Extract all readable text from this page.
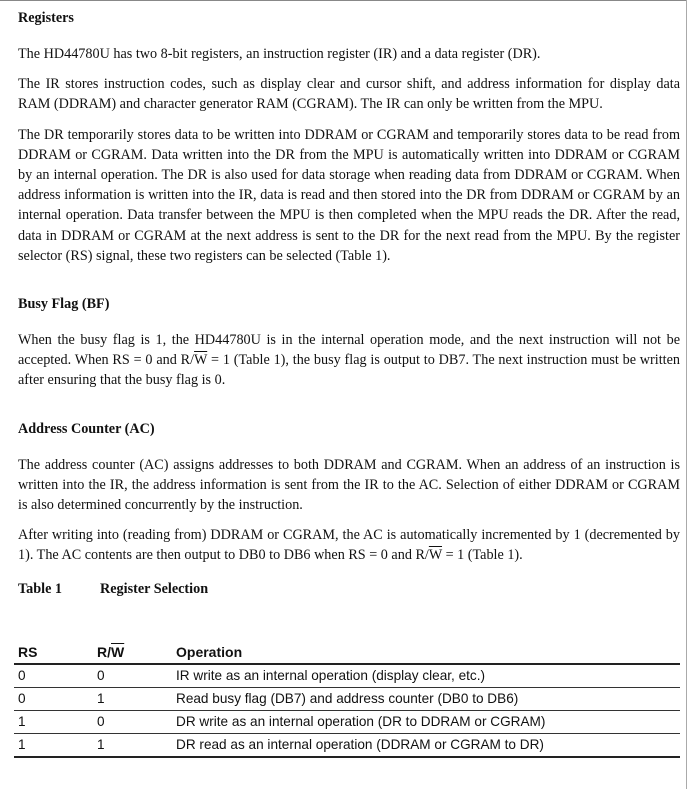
Registers

The HD44780U has two 8-bit registers, an instruction register (IR) and a data register (DR).

The IR stores instruction codes, such as display clear and cursor shift, and address information for display data RAM (DDRAM) and character generator RAM (CGRAM). The IR can only be written from the MPU.

The DR temporarily stores data to be written into DDRAM or CGRAM and temporarily stores data to be read from DDRAM or CGRAM. Data written into the DR from the MPU is automatically written into DDRAM or CGRAM by an internal operation. The DR is also used for data storage when reading data from DDRAM or CGRAM. When address information is written into the IR, data is read and then stored into the DR from DDRAM or CGRAM by an internal operation. Data transfer between the MPU is then completed when the MPU reads the DR. After the read, data in DDRAM or CGRAM at the next address is sent to the DR for the next read from the MPU. By the register selector (RS) signal, these two registers can be selected (Table 1).

Busy Flag (BF)

When the busy flag is 1, the HD44780U is in the internal operation mode, and the next instruction will not be accepted. When RS = 0 and $R/\overline{W} = 1$ (Table 1), the busy flag is output to DB7. The next instruction must be written after ensuring that the busy flag is 0.

Address Counter (AC)

The address counter (AC) assigns addresses to both DDRAM and CGRAM. When an address of an instruction is written into the IR, the address information is sent from the IR to the AC. Selection of either DDRAM or CGRAM is also determined concurrently by the instruction.

After writing into (reading from) DDRAM or CGRAM, the AC is automatically incremented by 1 (decremented by 1). The AC contents are then output to DB0 to DB6 when RS = 0 and $R/\overline{W} = 1$ (Table 1).

Table 1	Register Selection
RS	$R/\overline{W}$	Operation
0	0	IR write as an internal operation (display clear, etc.)
0	1	Read busy flag (DB7) and address counter (DB0 to DB6)
1	0	DR write as an internal operation (DR to DDRAM or CGRAM)
1	1	DR read as an internal operation (DDRAM or CGRAM to DR)
